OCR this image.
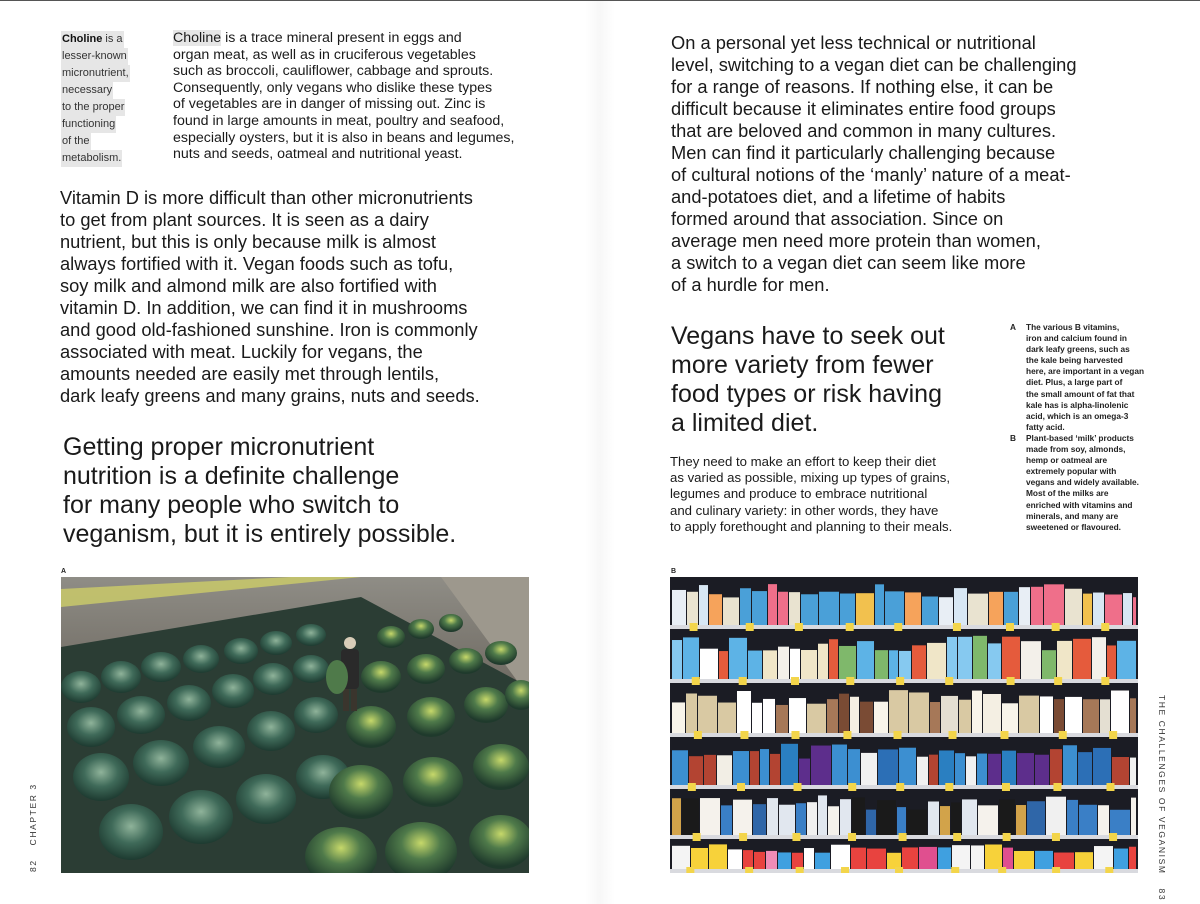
Choline is a
lesser-known
micronutrient,
necessary
to the proper
functioning
of the
metabolism.
Choline is a trace mineral present in eggs and
organ meat, as well as in cruciferous vegetables
such as broccoli, cauliflower, cabbage and sprouts.
Consequently, only vegans who dislike these types
of vegetables are in danger of missing out. Zinc is
found in large amounts in meat, poultry and seafood,
especially oysters, but it is also in beans and legumes,
nuts and seeds, oatmeal and nutritional yeast.
Vitamin D is more difficult than other micronutrients
to get from plant sources. It is seen as a dairy
nutrient, but this is only because milk is almost
always fortified with it. Vegan foods such as tofu,
soy milk and almond milk are also fortified with
vitamin D. In addition, we can find it in mushrooms
and good old-fashioned sunshine. Iron is commonly
associated with meat. Luckily for vegans, the
amounts needed are easily met through lentils,
dark leafy greens and many grains, nuts and seeds.
Getting proper micronutrient
nutrition is a definite challenge
for many people who switch to
veganism, but it is entirely possible.
A
82CHAPTER 3
On a personal yet less technical or nutritional
level, switching to a vegan diet can be challenging
for a range of reasons. If nothing else, it can be
difficult because it eliminates entire food groups
that are beloved and common in many cultures.
Men can find it particularly challenging because
of cultural notions of the ‘manly’ nature of a meat-
and-potatoes diet, and a lifetime of habits
formed around that association. Since on
average men need more protein than women,
a switch to a vegan diet can seem like more
of a hurdle for men.
Vegans have to seek out
more variety from fewer
food types or risk having
a limited diet.
They need to make an effort to keep their diet
as varied as possible, mixing up types of grains,
legumes and produce to embrace nutritional
and culinary variety: in other words, they have
to apply forethought and planning to their meals.
A	The various B vitamins,
iron and calcium found in
dark leafy greens, such as
the kale being harvested
here, are important in a vegan
diet. Plus, a large part of
the small amount of fat that
kale has is alpha-linolenic
acid, which is an omega-3
fatty acid.
B	Plant-based ‘milk’ products
made from soy, almonds,
hemp or oatmeal are
extremely popular with
vegans and widely available.
Most of the milks are
enriched with vitamins and
minerals, and many are
sweetened or flavoured.
B
THE CHALLENGES OF VEGANISM83
